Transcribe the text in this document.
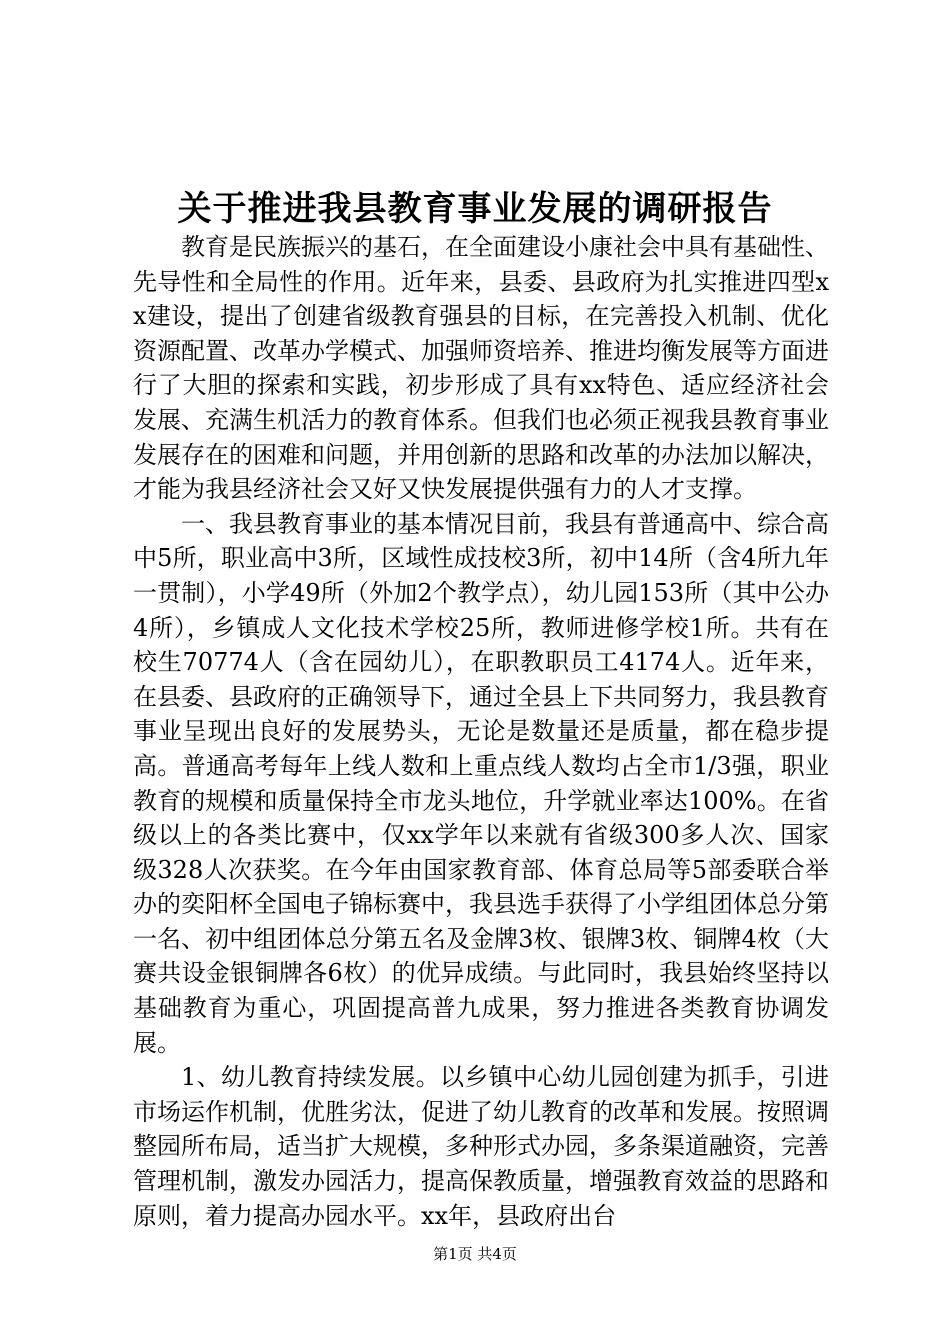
关于推进我县教育事业发展的调研报告

教育是民族振兴的基石，在全面建设小康社会中具有基础性、先导性和全局性的作用。近年来，县委、县政府为扎实推进四型xx建设，提出了创建省级教育强县的目标，在完善投入机制、优化资源配置、改革办学模式、加强师资培养、推进均衡发展等方面进行了大胆的探索和实践，初步形成了具有xx特色、适应经济社会发展、充满生机活力的教育体系。但我们也必须正视我县教育事业发展存在的困难和问题，并用创新的思路和改革的办法加以解决，才能为我县经济社会又好又快发展提供强有力的人才支撑。

一、我县教育事业的基本情况目前，我县有普通高中、综合高中5所，职业高中3所，区域性成技校3所，初中14所（含4所九年一贯制），小学49所（外加2个教学点），幼儿园153所（其中公办4所），乡镇成人文化技术学校25所，教师进修学校1所。共有在校生70774人（含在园幼儿），在职教职员工4174人。近年来，在县委、县政府的正确领导下，通过全县上下共同努力，我县教育事业呈现出良好的发展势头，无论是数量还是质量，都在稳步提高。普通高考每年上线人数和上重点线人数均占全市1/3强，职业教育的规模和质量保持全市龙头地位，升学就业率达100%。在省级以上的各类比赛中，仅xx学年以来就有省级300多人次、国家级328人次获奖。在今年由国家教育部、体育总局等5部委联合举办的奕阳杯全国电子锦标赛中，我县选手获得了小学组团体总分第一名、初中组团体总分第五名及金牌3枚、银牌3枚、铜牌4枚（大赛共设金银铜牌各6枚）的优异成绩。与此同时，我县始终坚持以基础教育为重心，巩固提高普九成果，努力推进各类教育协调发展。

1、幼儿教育持续发展。以乡镇中心幼儿园创建为抓手，引进市场运作机制，优胜劣汰，促进了幼儿教育的改革和发展。按照调整园所布局，适当扩大规模，多种形式办园，多条渠道融资，完善管理机制，激发办园活力，提高保教质量，增强教育效益的思路和原则，着力提高办园水平。xx年，县政府出台

第1页 共4页
